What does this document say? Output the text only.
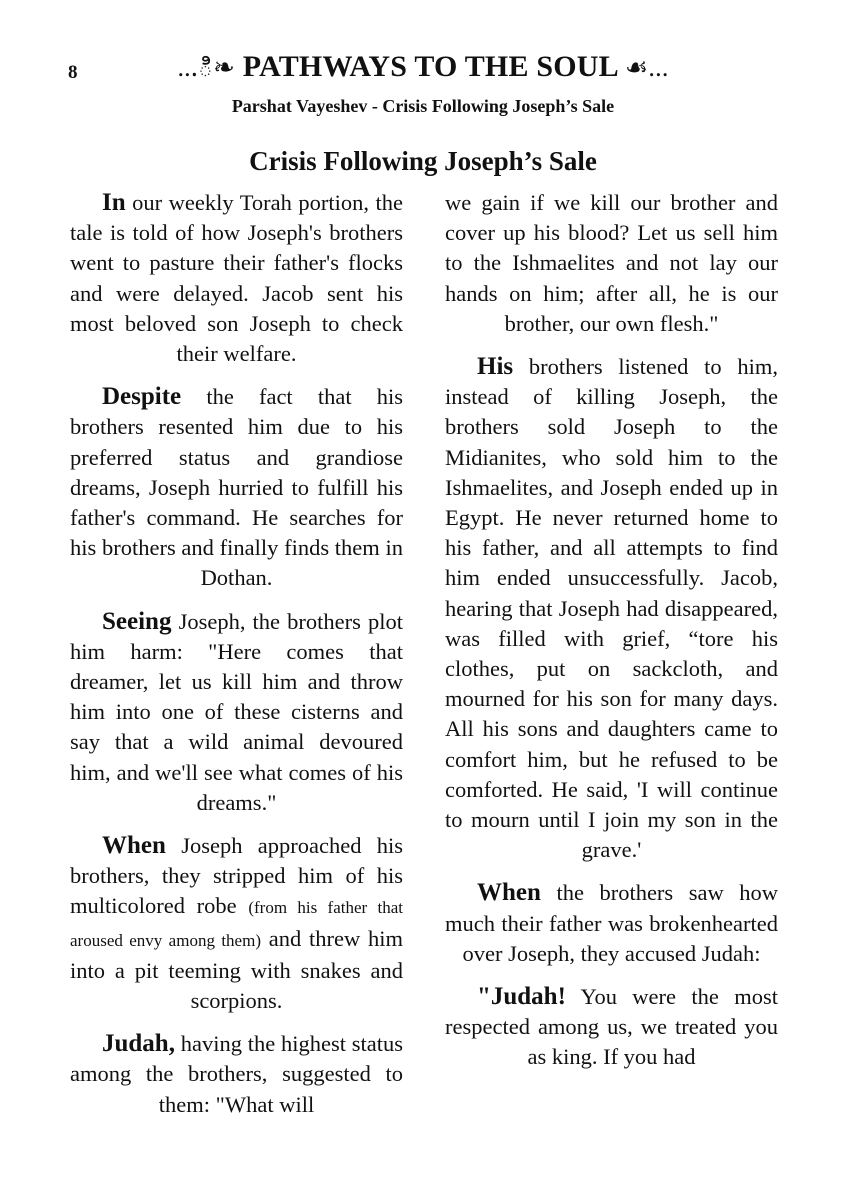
8	...ి❧ PATHWAYS TO THE SOUL ☙...
Parshat Vayeshev - Crisis Following Joseph’s Sale
Crisis Following Joseph’s Sale

In our weekly Torah portion, the tale is told of how Joseph's brothers went to pasture their father's flocks and were delayed. Jacob sent his most beloved son Joseph to check their welfare.

Despite the fact that his brothers resented him due to his preferred status and grandiose dreams, Joseph hurried to fulfill his father's command. He searches for his brothers and finally finds them in Dothan.

Seeing Joseph, the brothers plot him harm: "Here comes that dreamer, let us kill him and throw him into one of these cisterns and say that a wild animal devoured him, and we'll see what comes of his dreams."

When Joseph approached his brothers, they stripped him of his multicolored robe (from his father that aroused envy among them) and threw him into a pit teeming with snakes and scorpions.

Judah, having the highest status among the brothers, suggested to them: "What will

we gain if we kill our brother and cover up his blood? Let us sell him to the Ishmaelites and not lay our hands on him; after all, he is our brother, our own flesh."

His brothers listened to him, instead of killing Joseph, the brothers sold Joseph to the Midianites, who sold him to the Ishmaelites, and Joseph ended up in Egypt. He never returned home to his father, and all attempts to find him ended unsuccessfully. Jacob, hearing that Joseph had disappeared, was filled with grief, “tore his clothes, put on sackcloth, and mourned for his son for many days. All his sons and daughters came to comfort him, but he refused to be comforted. He said, 'I will continue to mourn until I join my son in the grave.'

When the brothers saw how much their father was brokenhearted over Joseph, they accused Judah:

"Judah! You were the most respected among us, we treated you as king. If you had
